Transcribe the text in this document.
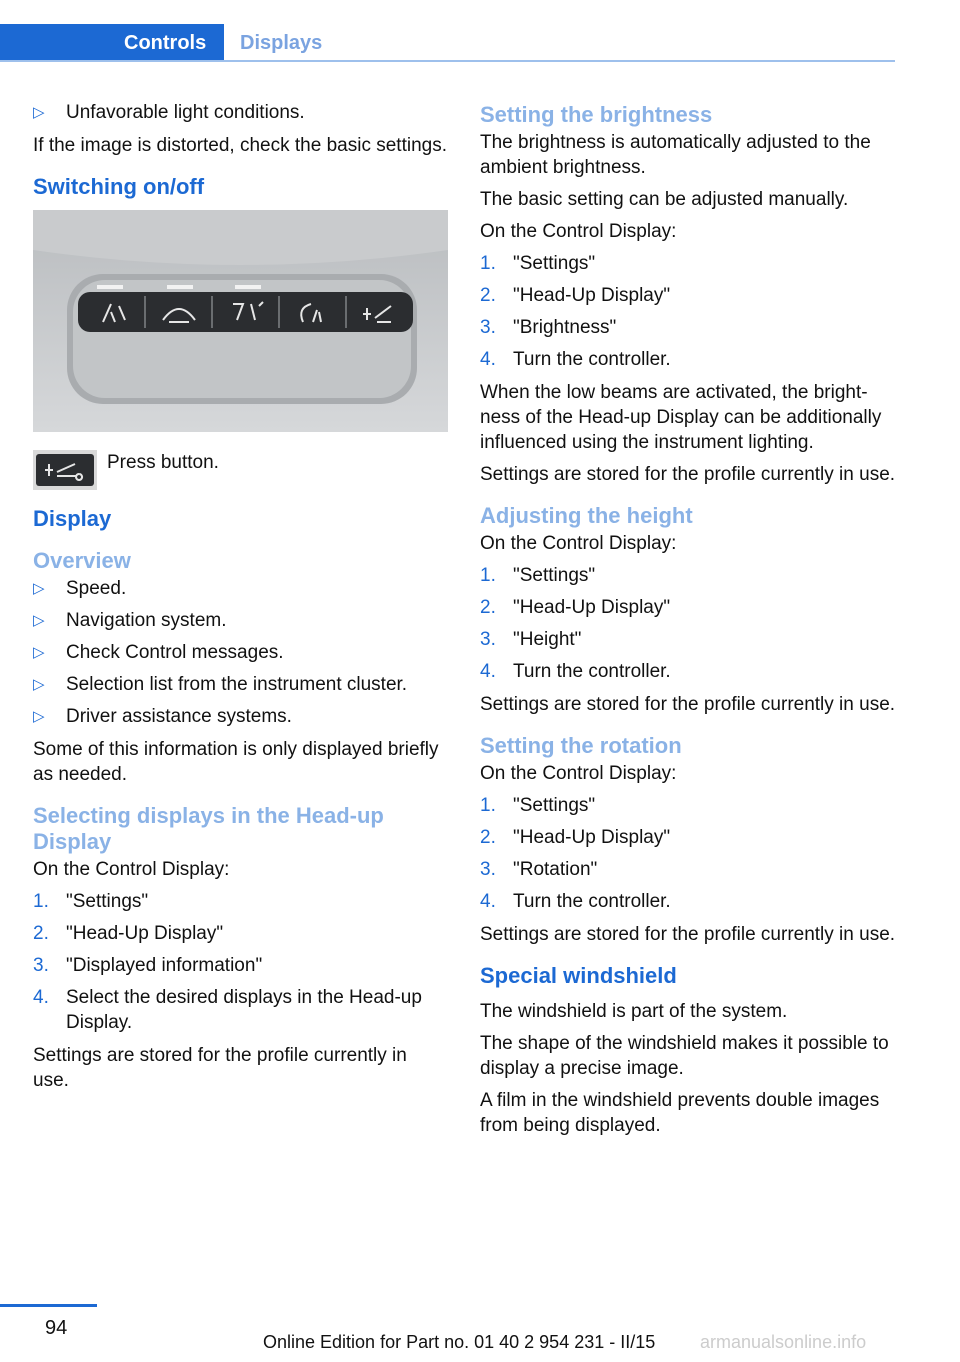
Controls	Displays
▷ Unfavorable light conditions.

If the image is distorted, check the basic settings.

Switching on/off
Press button.
Display
Overview
▷ Speed.
▷ Navigation system.
▷ Check Control messages.
▷ Selection list from the instrument cluster.
▷ Driver assistance systems.

Some of this information is only displayed briefly as needed.

Selecting displays in the Head-up Display

On the Control Display:

1. "Settings"
2. "Head-Up Display"
3. "Displayed information"
4. Select the desired displays in the Head-up Display.

Settings are stored for the profile currently in use.

Setting the brightness

The brightness is automatically adjusted to the ambient brightness.

The basic setting can be adjusted manually.

On the Control Display:

1. "Settings"
2. "Head-Up Display"
3. "Brightness"
4. Turn the controller.

When the low beams are activated, the brightness of the Head-up Display can be additionally influenced using the instrument lighting.

Settings are stored for the profile currently in use.

Adjusting the height

On the Control Display:

1. "Settings"
2. "Head-Up Display"
3. "Height"
4. Turn the controller.

Settings are stored for the profile currently in use.

Setting the rotation

On the Control Display:

1. "Settings"
2. "Head-Up Display"
3. "Rotation"
4. Turn the controller.

Settings are stored for the profile currently in use.

Special windshield

The windshield is part of the system.

The shape of the windshield makes it possible to display a precise image.

A film in the windshield prevents double images from being displayed.

94
Online Edition for Part no. 01 40 2 954 231 - II/15 armanualsonline.info
